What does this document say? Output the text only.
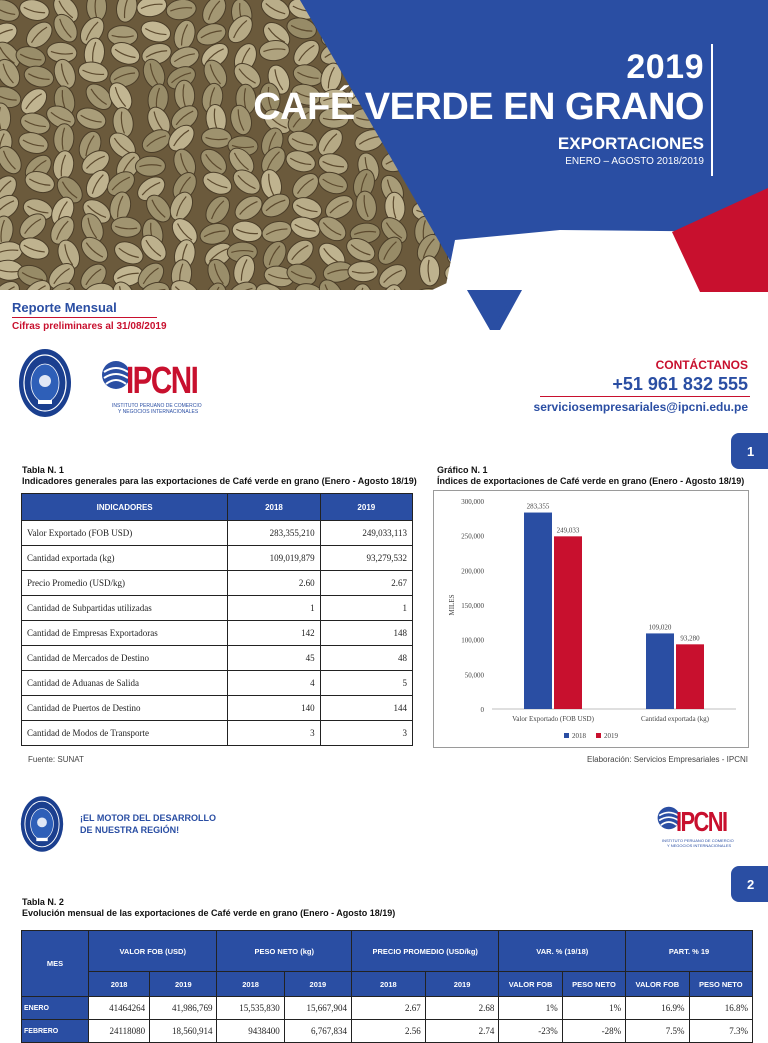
2019
CAFÉ VERDE EN GRANO
EXPORTACIONES
ENERO – AGOSTO 2018/2019
Reporte Mensual
Cifras preliminares al 31/08/2019
IPCNI
INSTITUTO PERUANO DE COMERCIO
Y NEGOCIOS INTERNACIONALES
CONTÁCTANOS
+51 961 832 555
serviciosempresariales@ipcni.edu.pe
1
Tabla N. 1
Indicadores generales para las exportaciones de Café verde en grano (Enero - Agosto 18/19)
INDICADORES	2018	2019
Valor Exportado (FOB USD)	283,355,210	249,033,113
Cantidad exportada (kg)	109,019,879	93,279,532
Precio Promedio (USD/kg)	2.60	2.67
Cantidad de Subpartidas utilizadas	1	1
Cantidad de Empresas Exportadoras	142	148
Cantidad de Mercados de Destino	45	48
Cantidad de Aduanas de Salida	4	5
Cantidad de Puertos de Destino	140	144
Cantidad de Modos de Transporte	3	3
Fuente: SUNAT
Gráfico N. 1
Índices de exportaciones de Café verde en grano (Enero - Agosto 18/19)
0
50,000
100,000
150,000
200,000
250,000
300,000
MILES
283,355
249,033
Valor Exportado (FOB USD)
109,020
93,280
Cantidad exportada (kg)
2018	2019
Elaboración: Servicios Empresariales - IPCNI
¡EL MOTOR DEL DESARROLLO
DE NUESTRA REGIÓN!	IPCNI
INSTITUTO PERUANO DE COMERCIO
Y NEGOCIOS INTERNACIONALES
2
Tabla N. 2
Evolución mensual de las exportaciones de Café verde en grano (Enero - Agosto 18/19)
MES	VALOR FOB (USD)		PESO NETO (kg)		PRECIO PROMEDIO (USD/kg)		VAR. % (19/18)		PART. % 19	
	2018	2019	2018	2019	2018	2019	VALOR FOB	PESO NETO	VALOR FOB	PESO NETO
ENERO	41464264	41,986,769	15,535,830	15,667,904	2.67	2.68	1%	1%	16.9%	16.8%
FEBRERO	24118080	18,560,914	9438400	6,767,834	2.56	2.74	-23%	-28%	7.5%	7.3%
